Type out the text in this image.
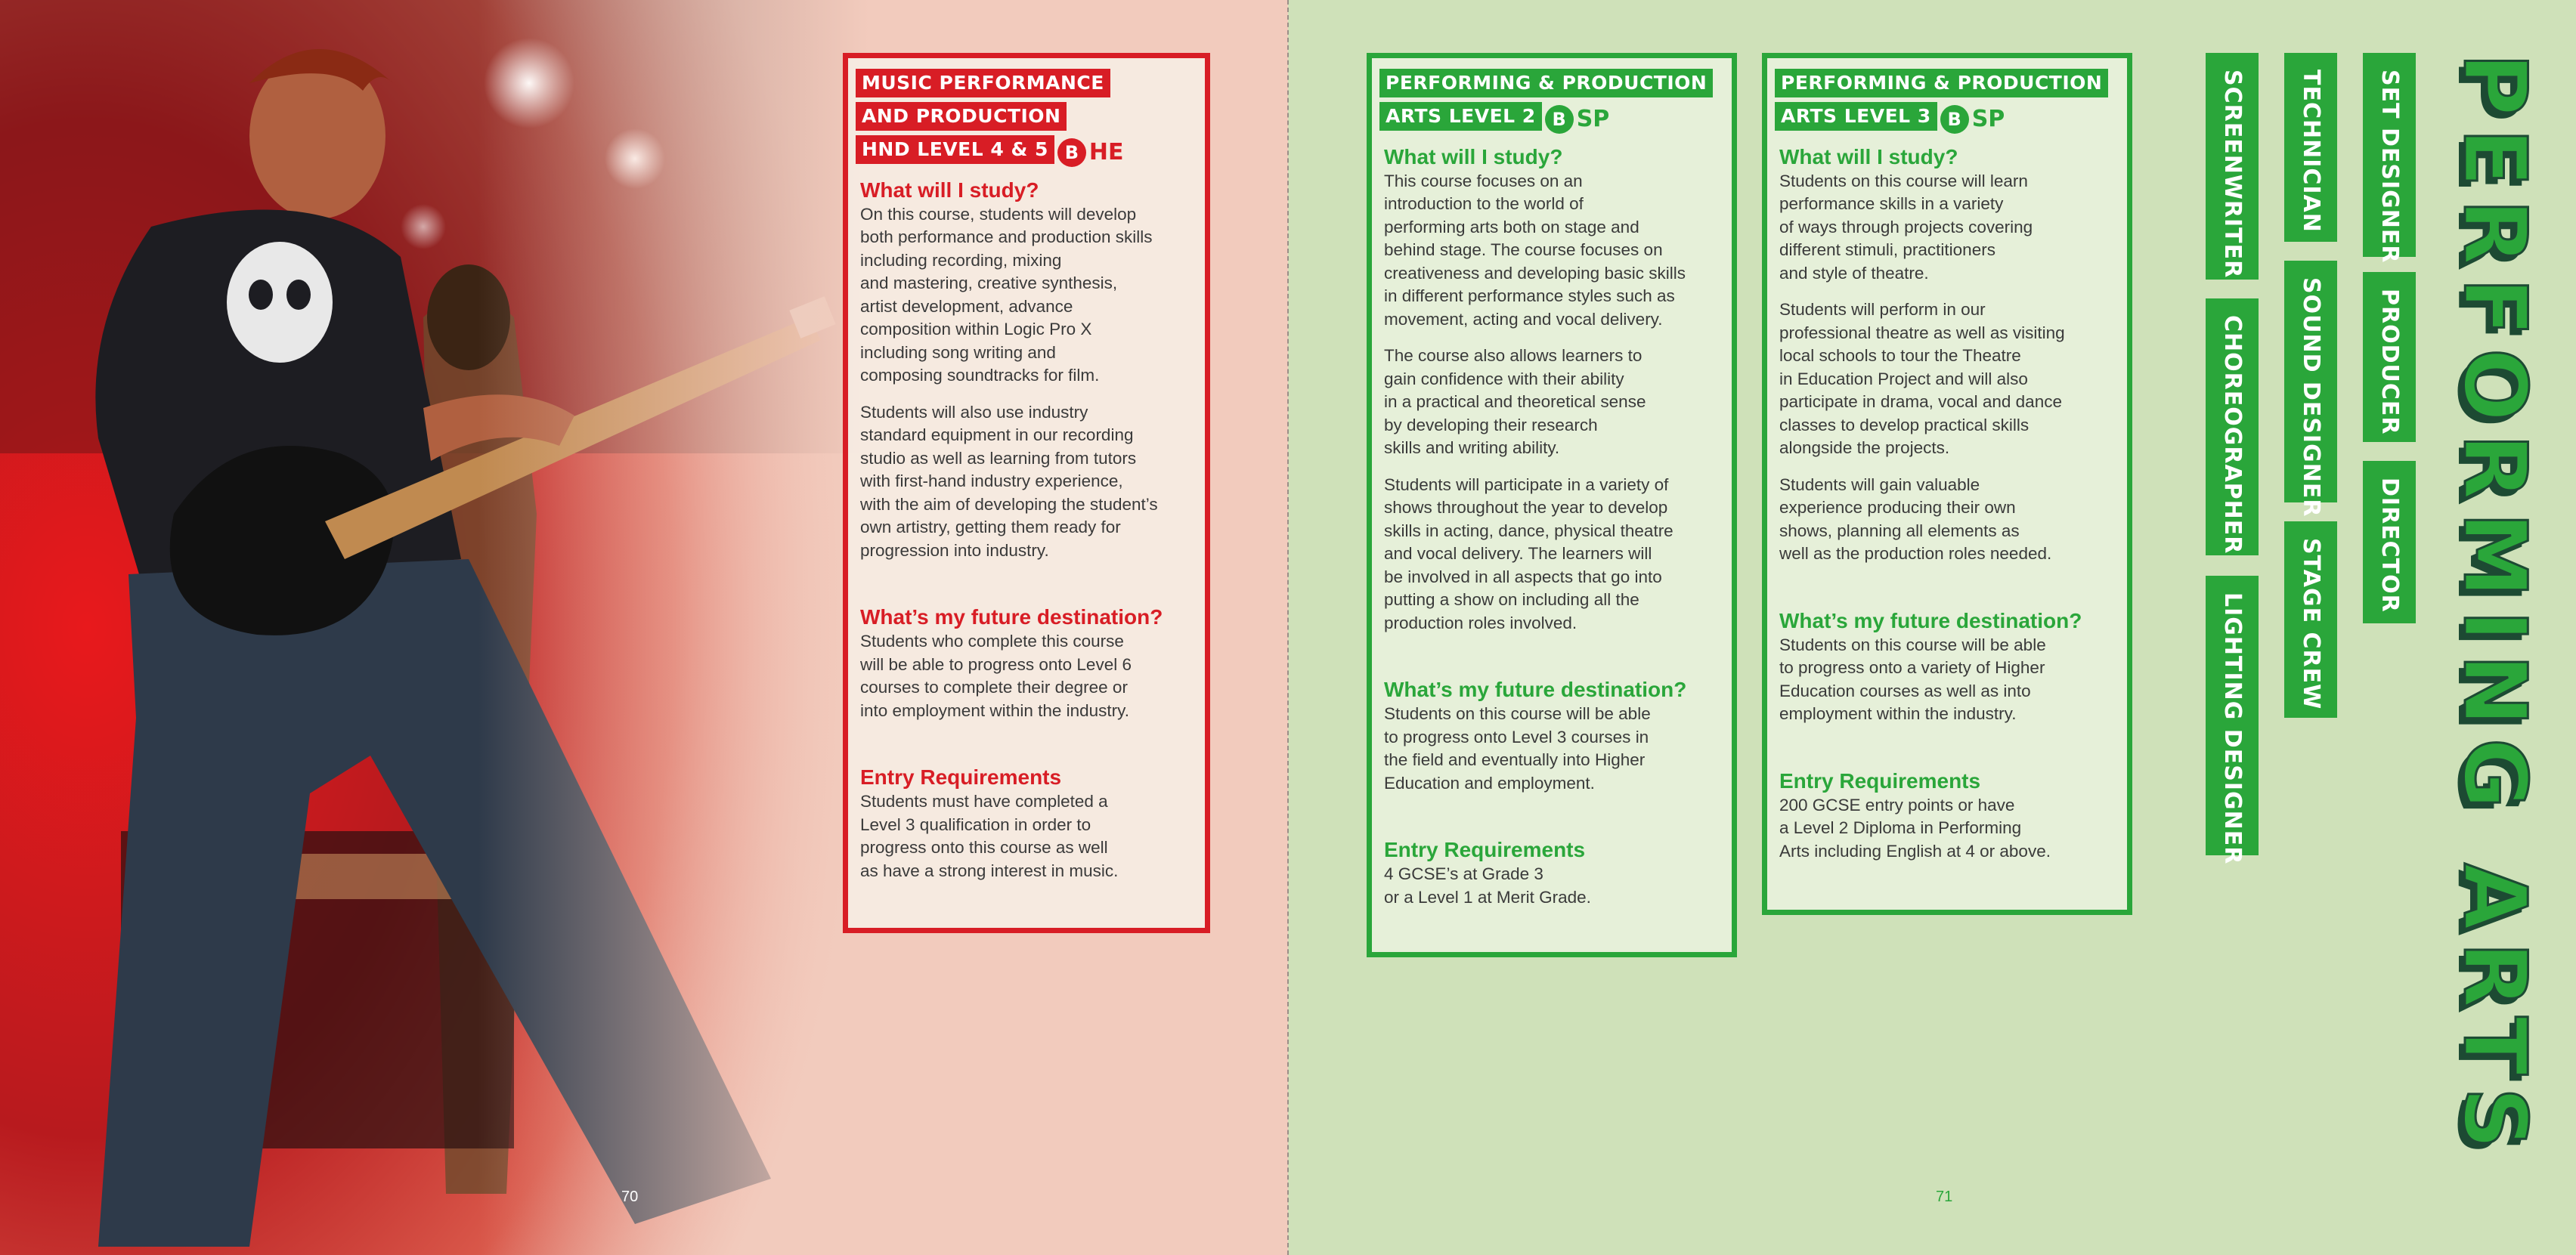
MUSIC PERFORMANCE
AND PRODUCTION
HND LEVEL 4 & 5 B HE
What will I study?

On this course, students will develop
both performance and production skills
including recording, mixing
and mastering, creative synthesis,
artist development, advance
composition within Logic Pro X
including song writing and
composing soundtracks for film.

Students will also use industry
standard equipment in our recording
studio as well as learning from tutors
with first-hand industry experience,
with the aim of developing the student’s
own artistry, getting them ready for
progression into industry.

What’s my future destination?

Students who complete this course
will be able to progress onto Level 6
courses to complete their degree or
into employment within the industry.

Entry Requirements

Students must have completed a
Level 3 qualification in order to
progress onto this course as well
as have a strong interest in music.

70
PERFORMING & PRODUCTION
ARTS LEVEL 2 B SP
What will I study?

This course focuses on an
introduction to the world of
performing arts both on stage and
behind stage. The course focuses on
creativeness and developing basic skills
in different performance styles such as
movement, acting and vocal delivery.

The course also allows learners to
gain confidence with their ability
in a practical and theoretical sense
by developing their research
skills and writing ability.

Students will participate in a variety of
shows throughout the year to develop
skills in acting, dance, physical theatre
and vocal delivery. The learners will
be involved in all aspects that go into
putting a show on including all the
production roles involved.

What’s my future destination?

Students on this course will be able
to progress onto Level 3 courses in
the field and eventually into Higher
Education and employment.

Entry Requirements

4 GCSE’s at Grade 3
or a Level 1 at Merit Grade.

PERFORMING & PRODUCTION
ARTS LEVEL 3 B SP
What will I study?

Students on this course will learn
performance skills in a variety
of ways through projects covering
different stimuli, practitioners
and style of theatre.

Students will perform in our
professional theatre as well as visiting
local schools to tour the Theatre
in Education Project and will also
participate in drama, vocal and dance
classes to develop practical skills
alongside the projects.

Students will gain valuable
experience producing their own
shows, planning all elements as
well as the production roles needed.

What’s my future destination?

Students on this course will be able
to progress onto a variety of Higher
Education courses as well as into
employment within the industry.

Entry Requirements

200 GCSE entry points or have
a Level 2 Diploma in Performing
Arts including English at 4 or above.

SCREENWRITER
CHOREOGRAPHER
LIGHTING DESIGNER
TECHNICIAN
SOUND DESIGNER
STAGE CREW
SET DESIGNER
PRODUCER
DIRECTOR
71
PERFORMING ARTS
